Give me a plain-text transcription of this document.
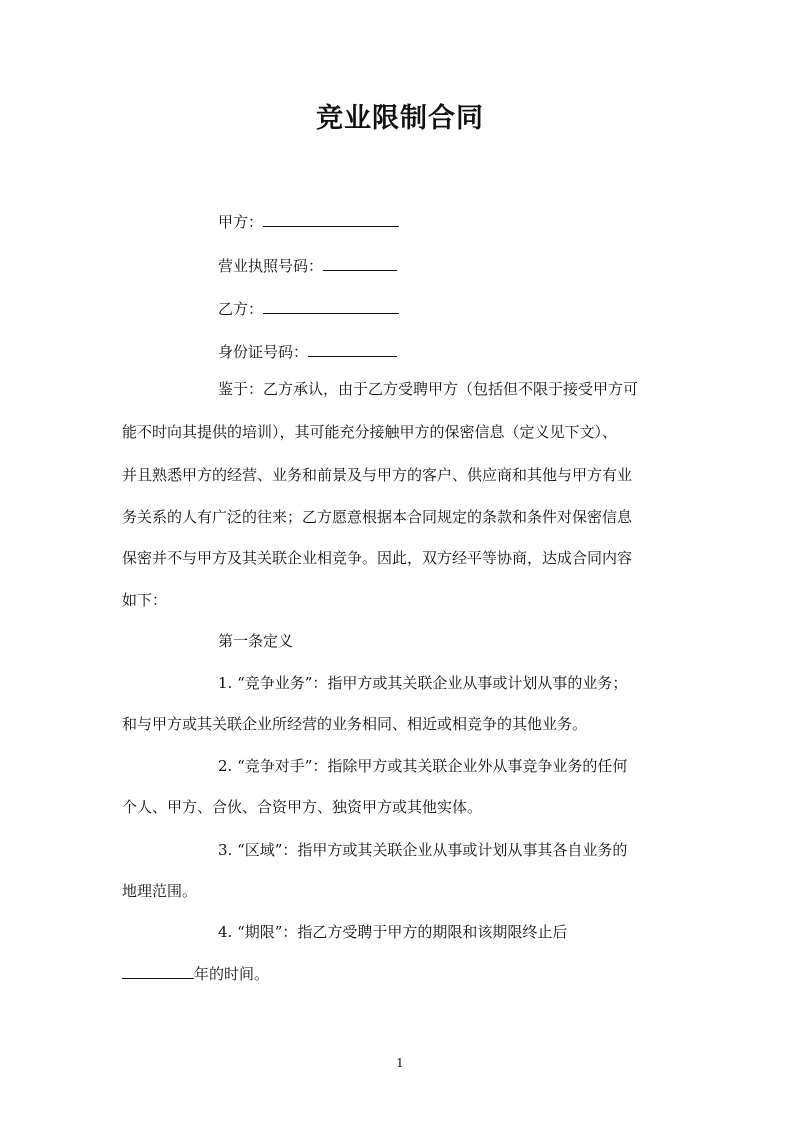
竞业限制合同
甲方：
营业执照号码：
乙方：
身份证号码：
鉴于：乙方承认，由于乙方受聘甲方（包括但不限于接受甲方可
能不时向其提供的培训），其可能充分接触甲方的保密信息（定义见下文）、
并且熟悉甲方的经营、业务和前景及与甲方的客户、供应商和其他与甲方有业
务关系的人有广泛的往来；乙方愿意根据本合同规定的条款和条件对保密信息
保密并不与甲方及其关联企业相竞争。因此，双方经平等协商，达成合同内容
如下：
第一条定义
1. “竞争业务”：指甲方或其关联企业从事或计划从事的业务；
和与甲方或其关联企业所经营的业务相同、相近或相竞争的其他业务。
2. “竞争对手”：指除甲方或其关联企业外从事竞争业务的任何
个人、甲方、合伙、合资甲方、独资甲方或其他实体。
3. “区域”：指甲方或其关联企业从事或计划从事其各自业务的
地理范围。
4. “期限”：指乙方受聘于甲方的期限和该期限终止后
年的时间。
1
